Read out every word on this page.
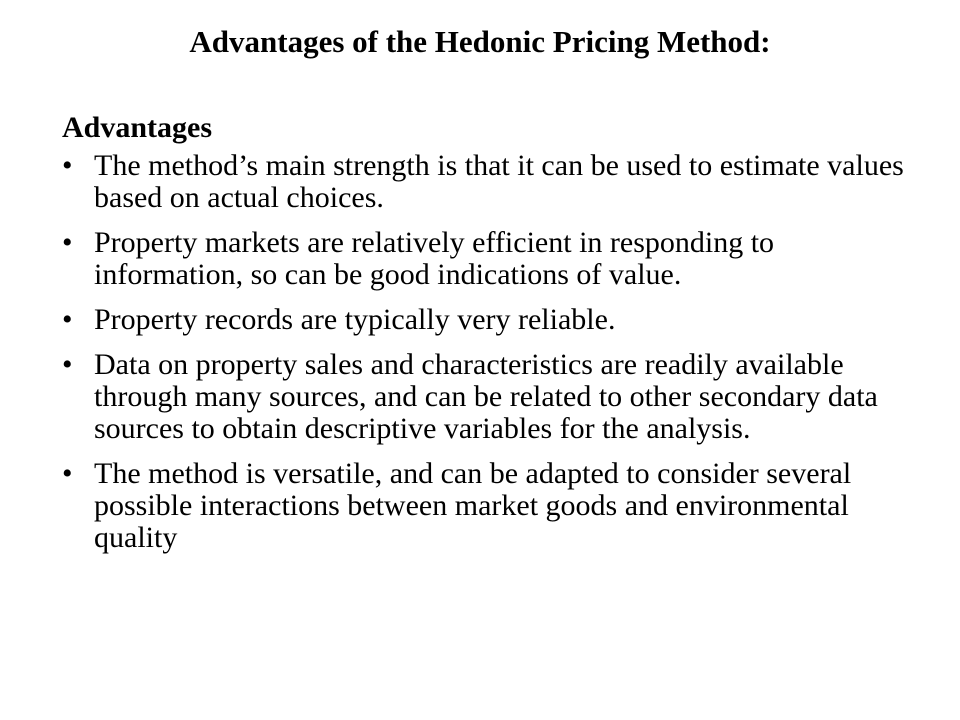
Advantages of the Hedonic Pricing Method:
Advantages
• The method’s main strength is that it can be used to estimate values based on actual choices.
• Property markets are relatively efficient in responding to information, so can be good indications of value.
• Property records are typically very reliable.
• Data on property sales and characteristics are readily available through many sources, and can be related to other secondary data sources to obtain descriptive variables for the analysis.
• The method is versatile, and can be adapted to consider several possible interactions between market goods and environmental quality
